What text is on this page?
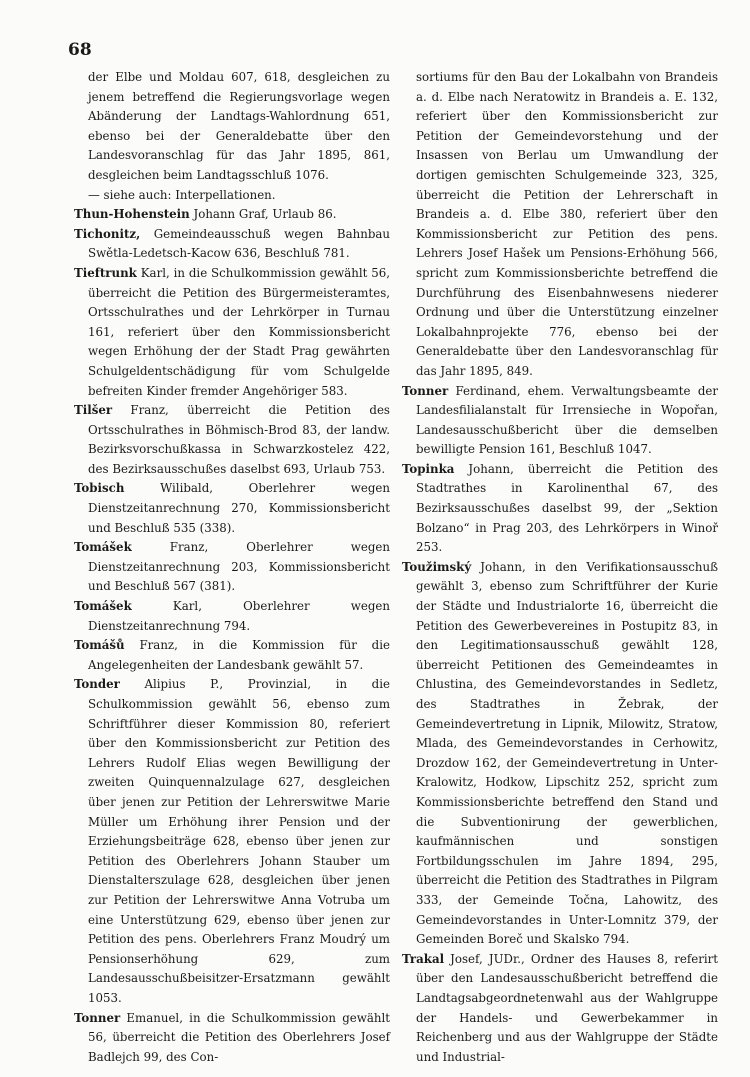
68

der Elbe und Moldau 607, 618, desgleichen zu jenem betreffend die Regierungsvorlage wegen Abänderung der Landtags-Wahlordnung 651, ebenso bei der Generaldebatte über den Landesvoranschlag für das Jahr 1895, 861, desgleichen beim Landtagsschluß 1076.

— siehe auch: Interpellationen.

Thun-Hohenstein Johann Graf, Urlaub 86.

Tichonitz, Gemeindeausschuß wegen Bahnbau Swětla-Ledetsch-Kacow 636, Beschluß 781.

Tieftrunk Karl, in die Schulkommission gewählt 56, überreicht die Petition des Bürgermeisteramtes, Ortsschulrathes und der Lehrkörper in Turnau 161, referiert über den Kommissionsbericht wegen Erhöhung der der Stadt Prag gewährten Schulgeldentschädigung für vom Schulgelde befreiten Kinder fremder Angehöriger 583.

Tilšer Franz, überreicht die Petition des Ortsschulrathes in Böhmisch-Brod 83, der landw. Bezirksvorschußkassa in Schwarzkostelez 422, des Bezirksausschußes daselbst 693, Urlaub 753.

Tobisch Wilibald, Oberlehrer wegen Dienstzeitanrechnung 270, Kommissionsbericht und Beschluß 535 (338).

Tomášek Franz, Oberlehrer wegen Dienstzeitanrechnung 203, Kommissionsbericht und Beschluß 567 (381).

Tomášek Karl, Oberlehrer wegen Dienstzeitanrechnung 794.

Tomášů Franz, in die Kommission für die Angelegenheiten der Landesbank gewählt 57.

Tonder Alipius P., Provinzial, in die Schulkommission gewählt 56, ebenso zum Schriftführer dieser Kommission 80, referiert über den Kommissionsbericht zur Petition des Lehrers Rudolf Elias wegen Bewilligung der zweiten Quinquennalzulage 627, desgleichen über jenen zur Petition der Lehrerswitwe Marie Müller um Erhöhung ihrer Pension und der Erziehungsbeiträge 628, ebenso über jenen zur Petition des Oberlehrers Johann Stauber um Dienstalterszulage 628, desgleichen über jenen zur Petition der Lehrerswitwe Anna Votruba um eine Unterstützung 629, ebenso über jenen zur Petition des pens. Oberlehrers Franz Moudrý um Pensionserhöhung 629, zum Landesausschußbeisitzer-Ersatzmann gewählt 1053.

Tonner Emanuel, in die Schulkommission gewählt 56, überreicht die Petition des Oberlehrers Josef Badlejch 99, des Con-

sortiums für den Bau der Lokalbahn von Brandeis a. d. Elbe nach Neratowitz in Brandeis a. E. 132, referiert über den Kommissionsbericht zur Petition der Gemeindevorstehung und der Insassen von Berlau um Umwandlung der dortigen gemischten Schulgemeinde 323, 325, überreicht die Petition der Lehrerschaft in Brandeis a. d. Elbe 380, referiert über den Kommissionsbericht zur Petition des pens. Lehrers Josef Hašek um Pensions-Erhöhung 566, spricht zum Kommissionsberichte betreffend die Durchführung des Eisenbahnwesens niederer Ordnung und über die Unterstützung einzelner Lokalbahnprojekte 776, ebenso bei der Generaldebatte über den Landesvoranschlag für das Jahr 1895, 849.

Tonner Ferdinand, ehem. Verwaltungsbeamte der Landesfilialanstalt für Irrensieche in Wopořan, Landesausschußbericht über die demselben bewilligte Pension 161, Beschluß 1047.

Topinka Johann, überreicht die Petition des Stadtrathes in Karolinenthal 67, des Bezirksausschußes daselbst 99, der „Sektion Bolzano“ in Prag 203, des Lehrkörpers in Winoř 253.

Toužimský Johann, in den Verifikationsausschuß gewählt 3, ebenso zum Schriftführer der Kurie der Städte und Industrialorte 16, überreicht die Petition des Gewerbevereines in Postupitz 83, in den Legitimationsausschuß gewählt 128, überreicht Petitionen des Gemeindeamtes in Chlustina, des Gemeindevorstandes in Sedletz, des Stadtrathes in Žebrak, der Gemeindevertretung in Lipnik, Milowitz, Stratow, Mlada, des Gemeindevorstandes in Cerhowitz, Drozdow 162, der Gemeindevertretung in Unter-Kralowitz, Hodkow, Lipschitz 252, spricht zum Kommissionsberichte betreffend den Stand und die Subventionirung der gewerblichen, kaufmännischen und sonstigen Fortbildungsschulen im Jahre 1894, 295, überreicht die Petition des Stadtrathes in Pilgram 333, der Gemeinde Točna, Lahowitz, des Gemeindevorstandes in Unter-Lomnitz 379, der Gemeinden Boreč und Skalsko 794.

Trakal Josef, JUDr., Ordner des Hauses 8, referirt über den Landesausschußbericht betreffend die Landtagsabgeordnetenwahl aus der Wahlgruppe der Handels- und Gewerbekammer in Reichenberg und aus der Wahlgruppe der Städte und Industrial-
